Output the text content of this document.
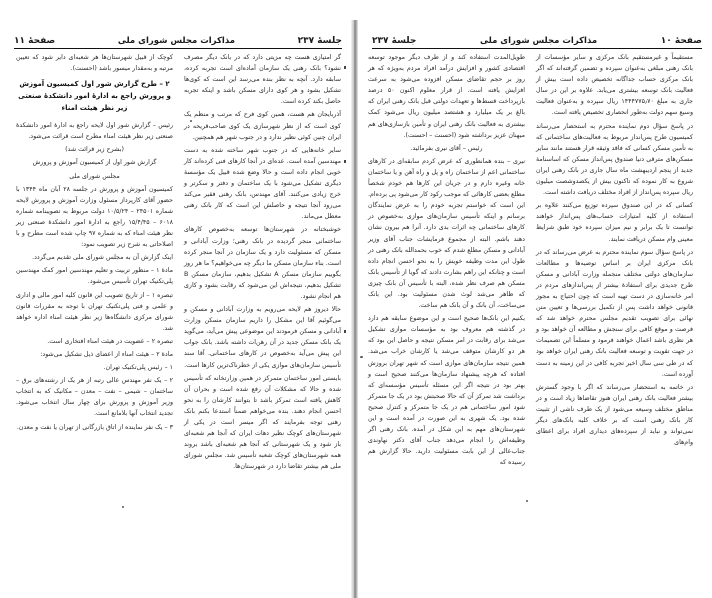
جلسهٔ ۲۳۷
مذاکرات مجلس شورای ملی
صفحهٔ ۱۱

گر امتیازی هست چه مزیتی دارد که در بانک دیگر مصرف نشود؟ بانک رهنی یک سازمان آماده‌ای است تجربه کرده، سابقه دارد. آنچه به نظر بنده می‌رسد این است که کوی‌ها تشکیل بشود و هر کوی دارای مسکن باشد و اینکه تجربه حاصل بکند کرده است.

آذربایجان هم هست، همین کوی فرح که مرتب و منظم یک کوی است که از نظر شهرسازی یک کوی صاحب‌قریحه در ایران چنین کوئی نظیر ندارد و در جنوب شهر هم همچنین.

سایر خانه‌هایی که در جنوب شهر ساخته شده به دست مهندسین آمده است. عده‌ای در آنجا کارهای فنی کرده‌اند کار خوبی انجام داده است و حالا وضع شده قبیل یک مؤسسهٔ دیگری تشکیل می‌شود با یک ساختمان و دفتر و سکرتر و خرج زیادی می‌کنند. آقای مهندس، بانک رهنی فقیر می‌کند می‌رود آنجا نتیجه و حاصلش این است که کار بانک رهنی معطل می‌ماند.

خوشبختانه در شهرستان‌ها توسعه به‌خصوص کارهای ساختمانی منجر گردیده در بانک رهنی؛ وزارت آبادانی و مسکن که مسئولیت دارد و یک سازمان در آنجا منجر کرده است. بناء سازمان مسکن ما دیگر چه می‌خواهیم؟ ما هر روز بگوییم سازمان مسکن A تشکیل بدهیم، سازمان مسکن B تشکیل بدهیم، نتیجه‌اش این می‌شود که رقابت بشود و کاری هم انجام نشود.

حالا دیروز هم لایحه می‌رویم به وزارت آبادانی و مسکن و می‌گوئیم آقا این مشکل را داریم سازمان مسکن وزارت آبادانی و مسکن فرمودند این موضوعی پیش می‌آید، می‌گوید یک بانک مسکن جدید در آن رهن‌ات داشته باشد. بانک جواب این پیش می‌آید به‌خصوص در کارهای ساختمانی. آقا سند تأسیس سازمان‌های موازی یکی از خطرناک‌ترین کارها است.

بایستی امور ساختمان متمرکز در همین وزارتخانه که تأسیس شده و حالا که مشکلات آن رفع شده است و بحران آن کاهش یافته است تمرکز باشد تا بتوانند کارشان را به نحو احسن انجام دهند. بنده می‌خواهم ضمناً استدعا بکنم بانک رهنی توجه بفرمایند که اگر میسر است در یکی از شهرستان‌های کوچک نظیر دهات ایران که آنجا هم شعبه‌ای باز شود و یک شهرستانی که آنجا هم شعبه‌ای باشد بروند همه شهرستان‌های کوچک شعبه تأسیس شد. مجلس شورای ملی هم بیشتر تقاضا دارد در شهرستان‌ها.

کوچک از قبیل شهرستان‌ها هر شعبه‌ای دایر شود که تعیین مرتبه و به‌مقدار میسور باشد (احسنت).

۲ – طرح گزارش شور اول کمیسیون آموزش و پرورش راجع به ادارهٔ امور دانشکدهٔ صنعتی زیر نظر هیئت امناء

رئیس – گزارش شور اول لایحه راجع به ادارهٔ امور دانشکدهٔ صنعتی زیر نظر هیئت امناء مطرح است قرائت می‌شود.

(بشرح زیر قرائت شد)

گزارش شور اول از کمیسیون آموزش و پرورش

مجلس شورای ملی

کمیسیون آموزش و پرورش در جلسه ۲۸ آبان ماه ۱۳۴۴ با حضور آقای کارپرداز مسئول وزارت آموزش و پرورش لایحه شماره ۲۴۵۰۱ – ۱۰/۵/۲۴ دولت مربوط به تصویبنامه شماره ۶۰۱۸ – ۱۵/۴/۴۵ راجع به ادارهٔ امور دانشکدهٔ صنعتی زیر نظر هیئت امناء که به شماره ۹۷ چاپ شده است مطرح و با اصلاحاتی به شرح زیر تصویب نمود:

اینک گزارش آن به مجلس شورای ملی تقدیم می‌گردد.

مادهٔ ۱ – منظور تربیت و تعلیم مهندسین امور کمک مهندسین پلی‌تکنیک تهران تأسیس می‌شود.

تبصره ۱ – از تاریخ تصویب این قانون کلیه امور مالی و اداری و علمی و فنی پلی‌تکنیک تهران با توجه به مقررات قانون شورای مرکزی دانشگاه‌ها زیر نظر هیئت امناء اداره خواهد شد.

تبصره ۲ – عضویت در هیئت امناء افتخاری است.

مادهٔ ۲ – هیئت امناء از اعضای ذیل تشکیل می‌شود:

۱ – رئیس پلی‌تکنیک تهران.

۲ – یک نفر مهندس عالی رتبه از هر یک از رشته‌های برق – ساختمان – شیمی – نفت – معدن – مکانیک که به انتخاب وزیر آموزش و پرورش برای چهار سال انتخاب می‌شود. تجدید انتخاب آنها بلامانع است.

۳ – یک نفر نماینده از اتاق بازرگانی از تهران یا نفت و معدن.

صفحهٔ ۱۰
مذاکرات مجلس شورای ملی
جلسهٔ ۲۳۷

مستقیماً و غیرمستقیم بانک مرکزی و سایر مؤسسات از بانک رهنی مبلغی به‌عنوان سپرده و تضمین گرفته‌اند که اگر بانک مرکزی حساب جداگانه تخصیص داده است بیش از فعالیت بانک توسعه بیشتری می‌یابد. علاوه بر این در سال جاری به مبلغ ۱۴۴۴۷۷۵٫۷۰ ریال سپرده و به‌عنوان فعالیت وسیع سهم دولت به‌طور انحصاری تخصیص یافته است.

در پاسخ سؤال دوم نماینده محترم به استحضار می‌رساند کمیسیون طرح پس‌انداز مربوط به فعالیت‌های ساختمانی که به تأمین مسکن کسانی که فاقد وثیقه قرار هستند مانند سایر مسکن‌های مترقی دنیا صندوق پس‌انداز مسکن که اساسنامهٔ جدید از پنجم اردیبهشت ماه سال جاری در بانک رهنی ایران شروع به کار نموده که تاکنون بیش از یکصدوشصت میلیون ریال سپرده پس‌انداز از افراد مختلف دریافت داشته است.

کسانی که در این صندوق سپرده توزیع می‌کنند علاوه بر استفاده از کلیه امتیازات حساب‌های پس‌انداز خواهند توانست تا یک برابر و نیم میزان سپرده خود طبق شرایط معینی وام مسکن دریافت نمایند.

در پاسخ سؤال سوم نماینده محترم به عرض می‌رساند که در بانک مرکزی ایران بر اساس توصیه‌ها و مطالعات سازمان‌های دولتی مختلف منجمله وزارت آبادانی و مسکن طرح جدیدی برای استفادهٔ بیشتر از پس‌اندازهای مردم در امر خانه‌سازی در دست تهیه است که چون احتیاج به مجوز قانونی خواهد داشت پس از تکمیل بررسی‌ها و تعیین متن نهائی برای تصویب تقدیم مجلس محترم خواهد شد که فرصت و موقع کافی برای سنجش و مطالعه آن خواهد بود و هر نظری باشد اعمال خواهند فرمود و مسلماً این تصمیمات در جهت تقویت و توسعه فعالیت بانک رهنی ایران خواهد بود که در طی سی سال اخیر تجربه کافی در این زمینه به دست آورده است.

در خاتمه به استحضار می‌رساند که اگر با وجود گسترش بیشتر فعالیت بانک رهنی ایران هنوز تقاضاها زیاد است و در مناطق مختلف وسیعه می‌شود از یک طرف ناشی از تثبیت کار بانک رهنی است که بر خلاف کلیه بانک‌های دیگر نمی‌تواند و نباید از سپرده‌های دیداری افراد برای اعطای وام‌های

طویل‌المدت استفاده کند و از طرف دیگر موجود توسعه اقتصادی کشور و افزایش درآمد افراد مردم به‌ویژه که هر روز بر حجم تقاضای مسکن افزوده می‌شود به سرعت افزایش یافته است. از قرار معلوم اکنون ۵۰ درصد بازپرداخت قسط‌ها و تعهدات دولتی قبل بانک رهنی ایران که بالغ بر یک میلیارد و هشتصد میلیون ریال می‌شود کمک بیشتری به فعالیت بانک رهنی ایران و تأمین بازسازی‌های هم میهنان عزیز برداشته شود (احسنت – احسنت).

رئیس – آقای نیری بفرمائید.

نیری – بنده همانطوری که عرض کردم سابقه‌ای در کارهای ساختمانی اعم از ساختمان راه و پل و راه آهن و یا ساختمان خانه وغیره دارم و در جریان این کارها هم خودم شخصاً مطلع بعضی کارهائی که موجب رکود کار می‌شود پی برده‌ام. این است که خواستم تجربه خودم را به عرض نمایندگان برسانم و اینکه تأسیس سازمان‌های موازی به‌خصوص در کارهای ساختمانی چه اثرات بدی دارد. آنرا هم بیرون نشان دهند باشم. البته از مجموع فرمایشات جناب آقای وزیر آبادانی و مسکن مطلع شدم که خوب بحمدالله بانک رهنی در طول این مدت وظیفه خویش را به نحو احسن انجام داده است و چنانکه این راهم بشارت دادند که گویا از تأسیس بانک مسکن هم صرف نظر شده، البته با تأسیس آن بانک چیزی که ظاهر می‌شد لوث شدن مسئولیت بود. این بانک می‌ساخت، آن بانک و آن بانک هم ساخت.

بکنیم این بانک‌ها صحیح است و این موضوع سابقه هم دارد در گذشته هم معروف بود به مؤسسات موازی تشکیل می‌شد برای رقابت در امر مسکن نتیجه و حاصل این بود که هر دو کارشان متوقف می‌شد یا کارشان خراب می‌شد. همین نتیجه سازمان‌های موازی است که شهر تهران بروزش افتاده که هرچه پیشنهاد سازمان‌ها می‌کنند صحیح است و بهتر بود در نتیجه اگر این مسئله تأسیس مؤسسه‌ای که برداشت شد تمرکز آن که حالا صحبتش بود در یک جا متمرکز شود امور ساختمانی هم در یک جا متمرکز و کنترل صحیح شده بود. یک شهری به این صورت در آمده است و این شهرستان‌های مهم به این شکل در آمده. بانک رهنی اگر وظیفه‌اش را انجام می‌دهد جناب آقای دکتر نهاوندی جناب‌عالی از این بابت مسئولیت دارید. حالا گزارش هم رسیده که
